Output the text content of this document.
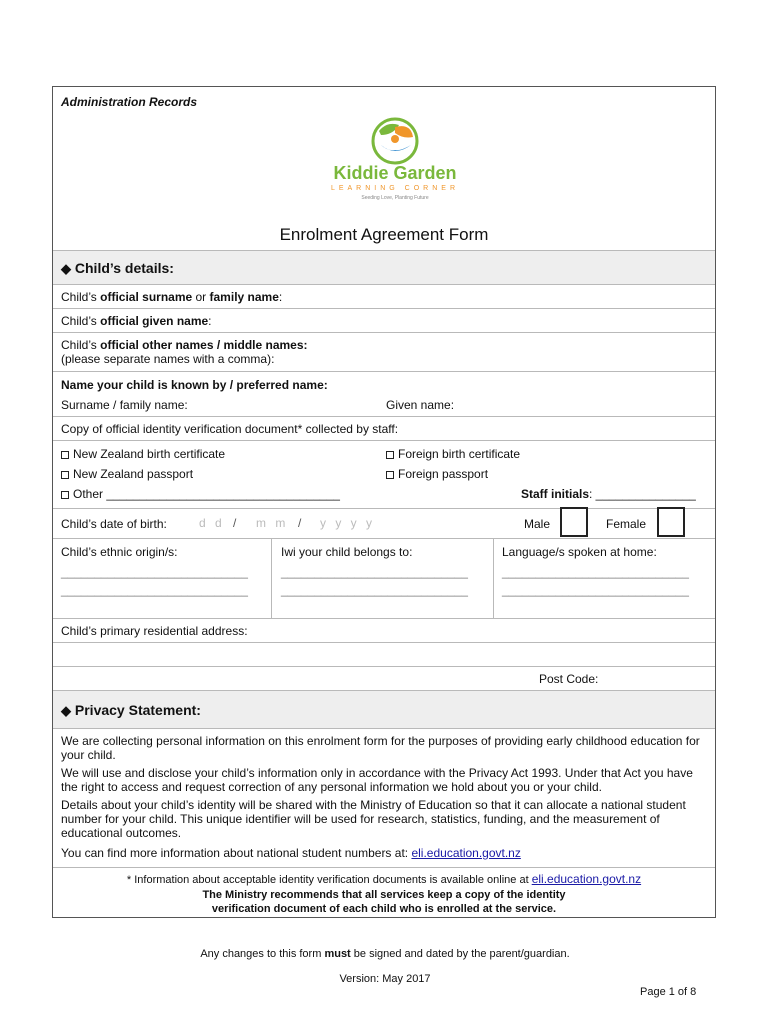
Administration Records
Kiddie Garden
LEARNING CORNER
Seeding Love, Planting Future
Enrolment Agreement Form
◆ Child’s details:
Child’s official surname or family name:
Child’s official given name:
Child’s official other names / middle names:
(please separate names with a comma):
Name your child is known by / preferred name:
Surname / family name:	Given name:
Copy of official identity verification document* collected by staff:
New Zealand birth certificate	Foreign birth certificate
New Zealand passport	Foreign passport
Other ___________________________________	Staff initials: _______________
Child’s date of birth:	d d / m m / y y y y	Male	Female
Child’s ethnic origin/s:
____________________________
____________________________
Iwi your child belongs to:
____________________________
____________________________
Language/s spoken at home:
____________________________
____________________________
Child’s primary residential address:
Post Code:
◆ Privacy Statement:
We are collecting personal information on this enrolment form for the purposes of providing early childhood education for your child.
We will use and disclose your child’s information only in accordance with the Privacy Act 1993. Under that Act you have the right to access and request correction of any personal information we hold about you or your child.
Details about your child’s identity will be shared with the Ministry of Education so that it can allocate a national student number for your child. This unique identifier will be used for research, statistics, funding, and the measurement of educational outcomes.
You can find more information about national student numbers at: eli.education.govt.nz
* Information about acceptable identity verification documents is available online at eli.education.govt.nz
The Ministry recommends that all services keep a copy of the identity
verification document of each child who is enrolled at the service.
Any changes to this form must be signed and dated by the parent/guardian.
Version: May 2017
Page 1 of 8
